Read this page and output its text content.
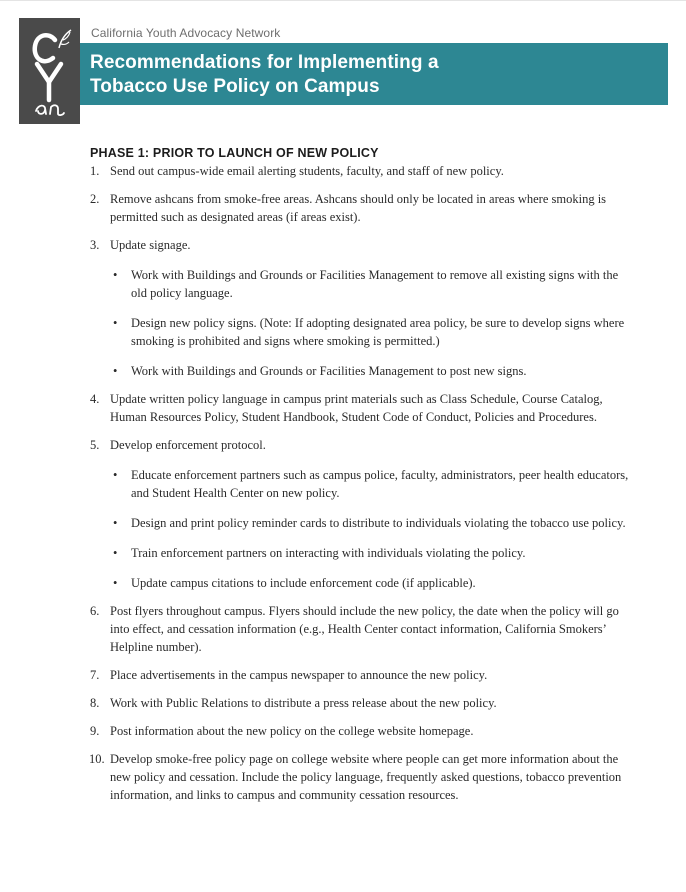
California Youth Advocacy Network
Recommendations for Implementing a
Tobacco Use Policy on Campus
PHASE 1: PRIOR TO LAUNCH OF NEW POLICY
1. Send out campus-wide email alerting students, faculty, and staff of new policy.
2. Remove ashcans from smoke-free areas. Ashcans should only be located in areas where smoking is permitted such as designated areas (if areas exist).
3. Update signage.
• Work with Buildings and Grounds or Facilities Management to remove all existing signs with the old policy language.
• Design new policy signs. (Note: If adopting designated area policy, be sure to develop signs where smoking is prohibited and signs where smoking is permitted.)
• Work with Buildings and Grounds or Facilities Management to post new signs.
4. Update written policy language in campus print materials such as Class Schedule, Course Catalog, Human Resources Policy, Student Handbook, Student Code of Conduct, Policies and Procedures.
5. Develop enforcement protocol.
• Educate enforcement partners such as campus police, faculty, administrators, peer health educators, and Student Health Center on new policy.
• Design and print policy reminder cards to distribute to individuals violating the tobacco use policy.
• Train enforcement partners on interacting with individuals violating the policy.
• Update campus citations to include enforcement code (if applicable).
6. Post flyers throughout campus. Flyers should include the new policy, the date when the policy will go into effect, and cessation information (e.g., Health Center contact information, California Smokers’ Helpline number).
7. Place advertisements in the campus newspaper to announce the new policy.
8. Work with Public Relations to distribute a press release about the new policy.
9. Post information about the new policy on the college website homepage.
10. Develop smoke-free policy page on college website where people can get more information about the new policy and cessation. Include the policy language, frequently asked questions, tobacco prevention information, and links to campus and community cessation resources.
